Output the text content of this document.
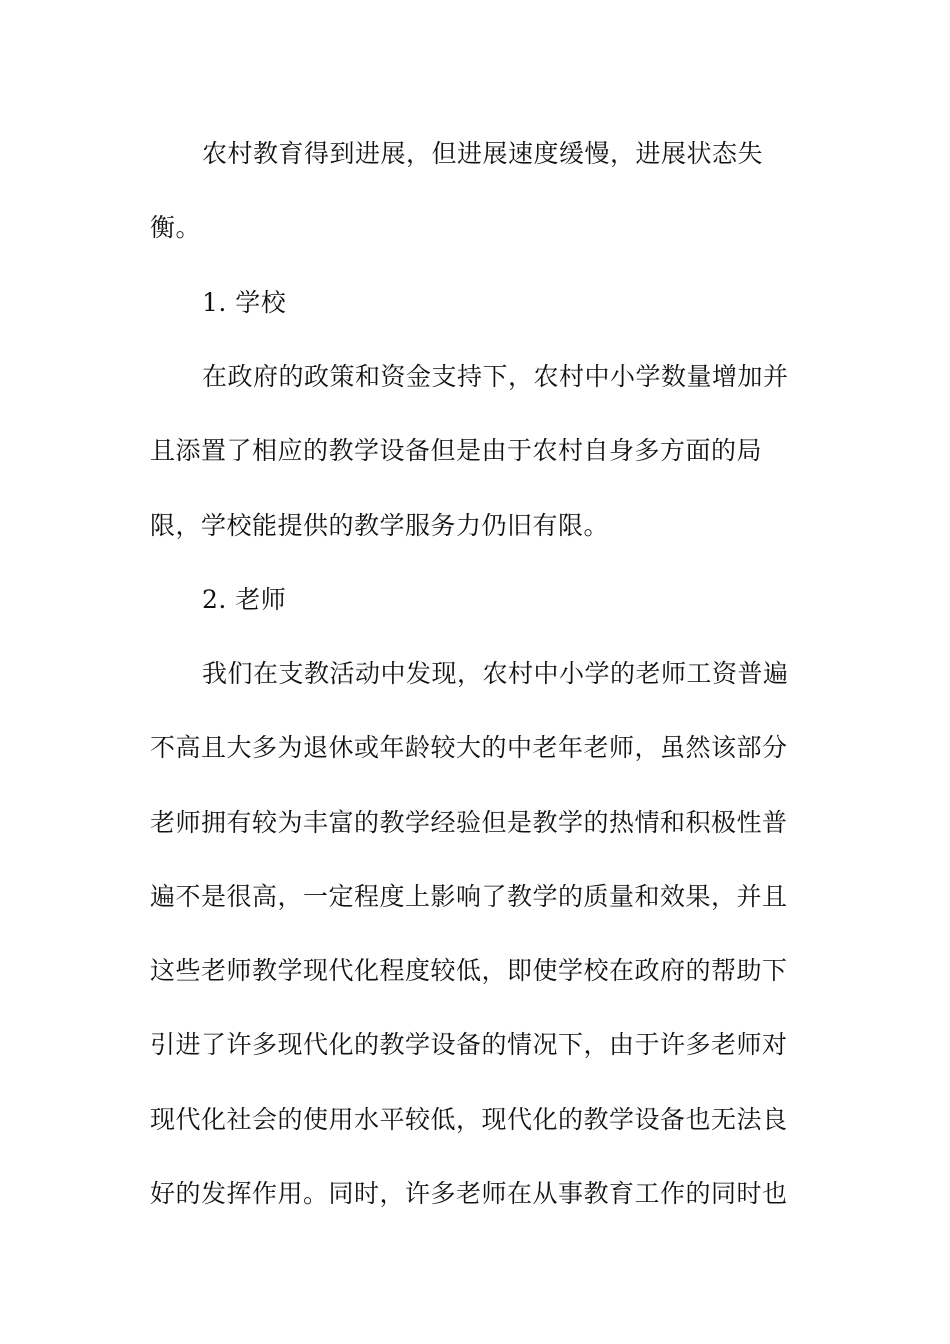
农村教育得到进展，但进展速度缓慢，进展状态失
衡。
1. 学校
在政府的政策和资金支持下，农村中小学数量增加并
且添置了相应的教学设备但是由于农村自身多方面的局
限，学校能提供的教学服务力仍旧有限。
2. 老师
我们在支教活动中发现，农村中小学的老师工资普遍
不高且大多为退休或年龄较大的中老年老师，虽然该部分
老师拥有较为丰富的教学经验但是教学的热情和积极性普
遍不是很高，一定程度上影响了教学的质量和效果，并且
这些老师教学现代化程度较低，即使学校在政府的帮助下
引进了许多现代化的教学设备的情况下，由于许多老师对
现代化社会的使用水平较低，现代化的教学设备也无法良
好的发挥作用。同时，许多老师在从事教育工作的同时也
